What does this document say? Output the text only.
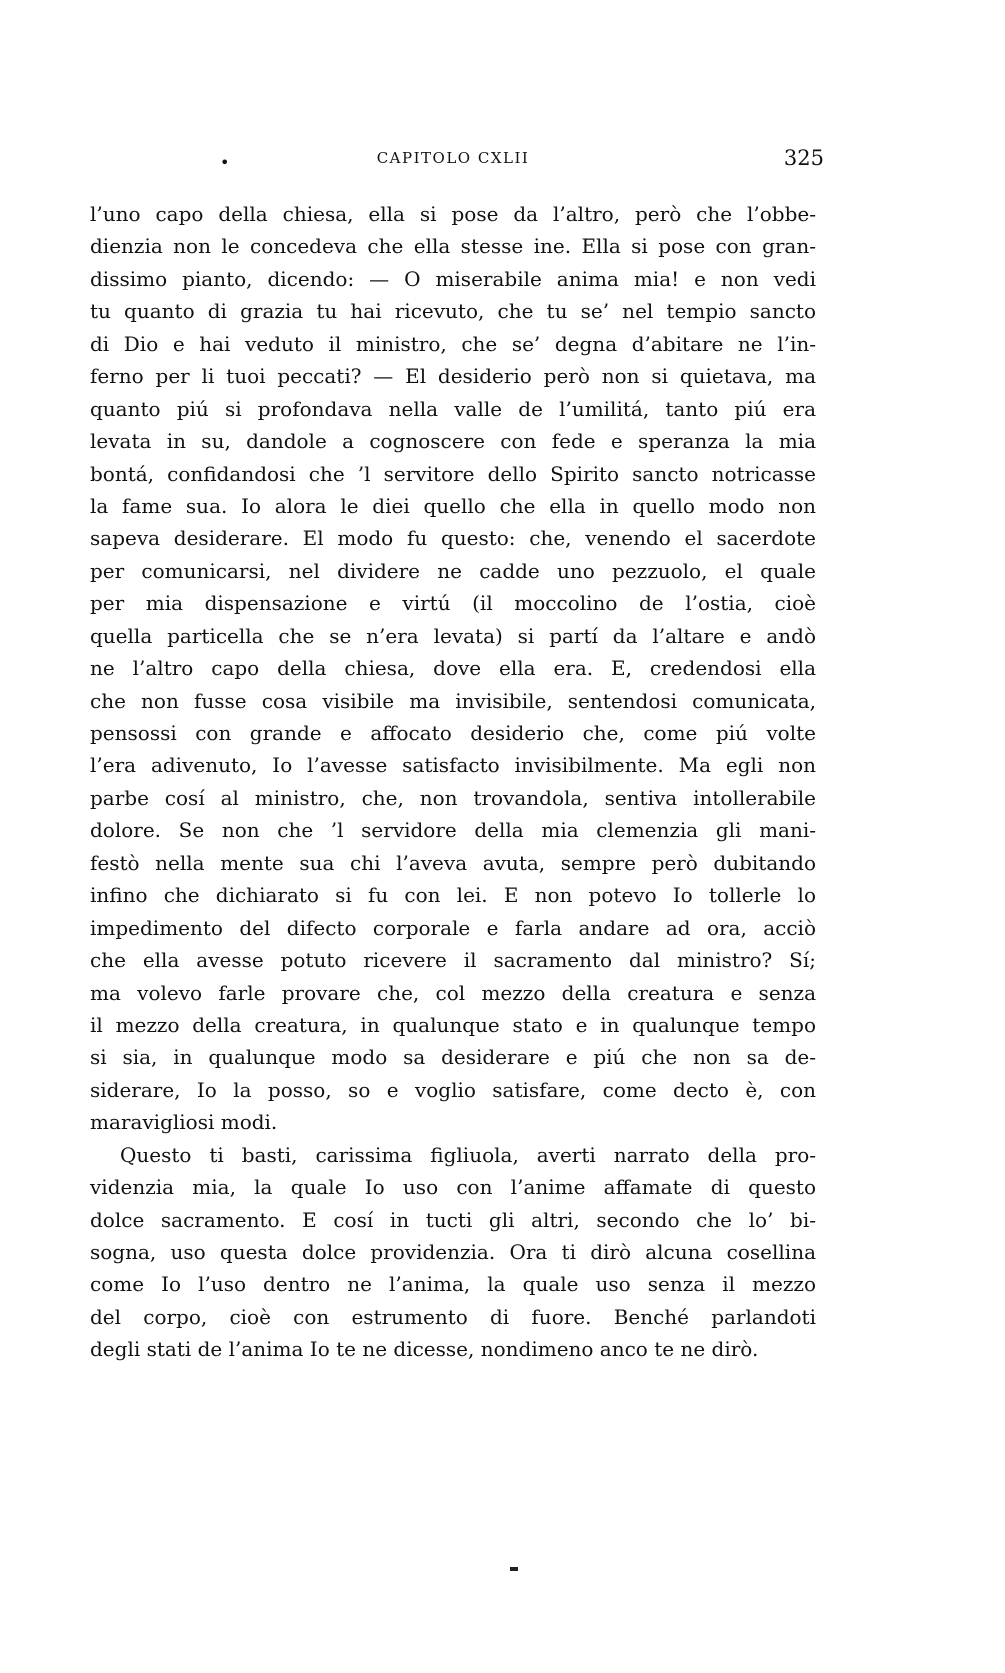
•	CAPITOLO CXLII	325
l’uno capo della chiesa, ella si pose da l’altro, però che l’obbe-
dienzia non le concedeva che ella stesse ine. Ella si pose con gran-
dissimo pianto, dicendo: — O miserabile anima mia! e non vedi
tu quanto di grazia tu hai ricevuto, che tu se’ nel tempio sancto
di Dio e hai veduto il ministro, che se’ degna d’abitare ne l’in-
ferno per li tuoi peccati? — El desiderio però non si quietava, ma
quanto piú si profondava nella valle de l’umilitá, tanto piú era
levata in su, dandole a cognoscere con fede e speranza la mia
bontá, confidandosi che ’l servitore dello Spirito sancto notricasse
la fame sua. Io alora le diei quello che ella in quello modo non
sapeva desiderare. El modo fu questo: che, venendo el sacerdote
per comunicarsi, nel dividere ne cadde uno pezzuolo, el quale
per mia dispensazione e virtú (il moccolino de l’ostia, cioè
quella particella che se n’era levata) si partí da l’altare e andò
ne l’altro capo della chiesa, dove ella era. E, credendosi ella
che non fusse cosa visibile ma invisibile, sentendosi comunicata,
pensossi con grande e affocato desiderio che, come piú volte
l’era adivenuto, Io l’avesse satisfacto invisibilmente. Ma egli non
parbe cosí al ministro, che, non trovandola, sentiva intollerabile
dolore. Se non che ’l servidore della mia clemenzia gli mani-
festò nella mente sua chi l’aveva avuta, sempre però dubitando
infino che dichiarato si fu con lei. E non potevo Io tollerle lo
impedimento del difecto corporale e farla andare ad ora, acciò
che ella avesse potuto ricevere il sacramento dal ministro? Sí;
ma volevo farle provare che, col mezzo della creatura e senza
il mezzo della creatura, in qualunque stato e in qualunque tempo
si sia, in qualunque modo sa desiderare e piú che non sa de-
siderare, Io la posso, so e voglio satisfare, come decto è, con
maravigliosi modi.
Questo ti basti, carissima figliuola, averti narrato della pro-
videnzia mia, la quale Io uso con l’anime affamate di questo
dolce sacramento. E cosí in tucti gli altri, secondo che lo’ bi-
sogna, uso questa dolce providenzia. Ora ti dirò alcuna cosellina
come Io l’uso dentro ne l’anima, la quale uso senza il mezzo
del corpo, cioè con estrumento di fuore. Benché parlandoti
degli stati de l’anima Io te ne dicesse, nondimeno anco te ne dirò.
